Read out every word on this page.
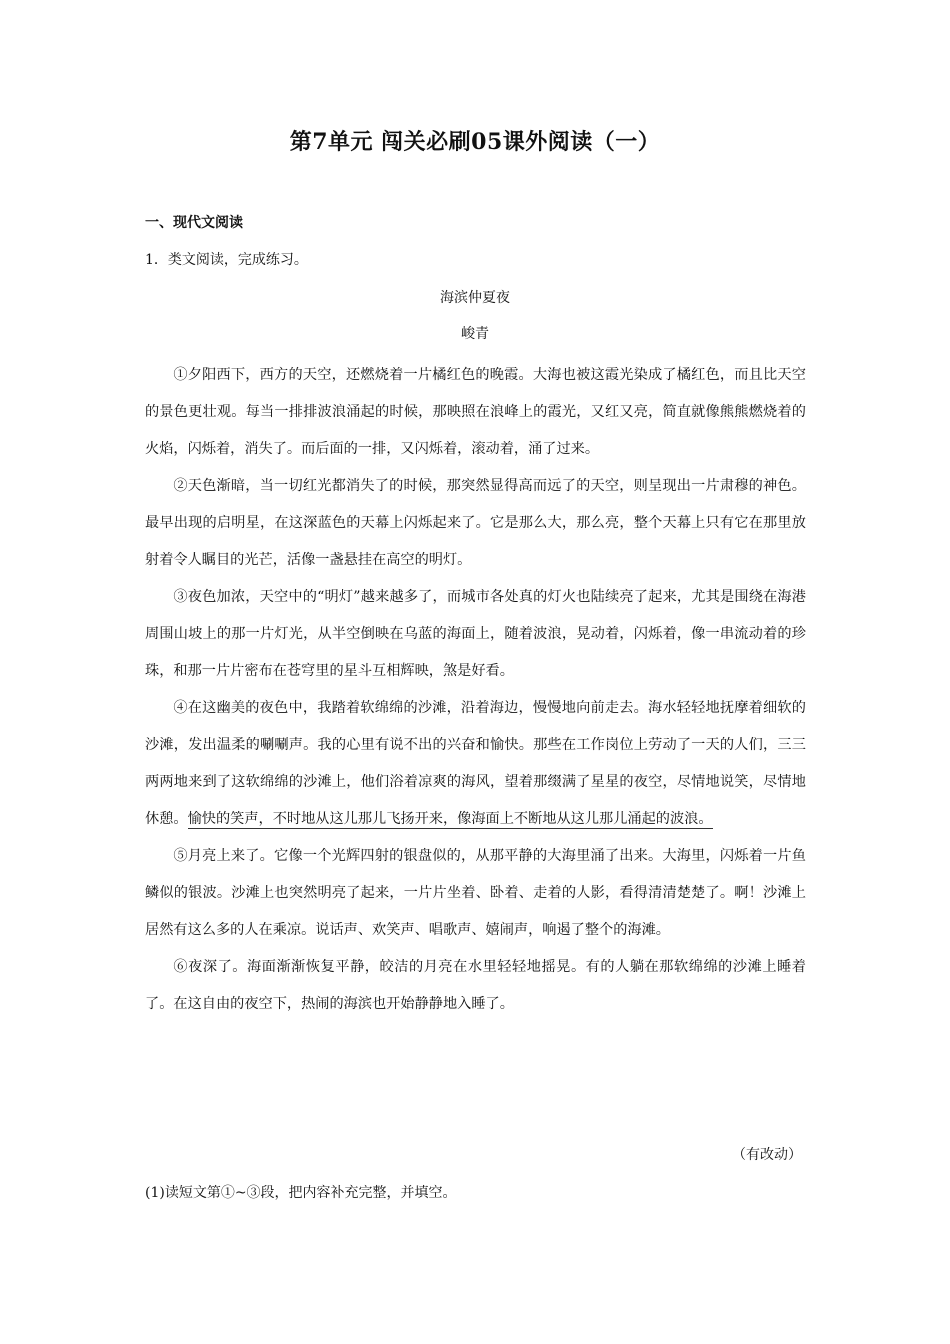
第7单元 闯关必刷05课外阅读（一）
一、现代文阅读
1．类文阅读，完成练习。
海滨仲夏夜
峻青

①夕阳西下，西方的天空，还燃烧着一片橘红色的晚霞。大海也被这霞光染成了橘红色，而且比天空的景色更壮观。每当一排排波浪涌起的时候，那映照在浪峰上的霞光，又红又亮，简直就像熊熊燃烧着的火焰，闪烁着，消失了。而后面的一排，又闪烁着，滚动着，涌了过来。

②天色渐暗，当一切红光都消失了的时候，那突然显得高而远了的天空，则呈现出一片肃穆的神色。最早出现的启明星，在这深蓝色的天幕上闪烁起来了。它是那么大，那么亮，整个天幕上只有它在那里放射着令人瞩目的光芒，活像一盏悬挂在高空的明灯。

③夜色加浓，天空中的“明灯”越来越多了，而城市各处真的灯火也陆续亮了起来，尤其是围绕在海港周围山坡上的那一片灯光，从半空倒映在乌蓝的海面上，随着波浪，晃动着，闪烁着，像一串流动着的珍珠，和那一片片密布在苍穹里的星斗互相辉映，煞是好看。

④在这幽美的夜色中，我踏着软绵绵的沙滩，沿着海边，慢慢地向前走去。海水轻轻地抚摩着细软的沙滩，发出温柔的唰唰声。我的心里有说不出的兴奋和愉快。那些在工作岗位上劳动了一天的人们，三三两两地来到了这软绵绵的沙滩上，他们浴着凉爽的海风，望着那缀满了星星的夜空，尽情地说笑，尽情地休憩。愉快的笑声，不时地从这儿那儿飞扬开来，像海面上不断地从这儿那儿涌起的波浪。

⑤月亮上来了。它像一个光辉四射的银盘似的，从那平静的大海里涌了出来。大海里，闪烁着一片鱼鳞似的银波。沙滩上也突然明亮了起来，一片片坐着、卧着、走着的人影，看得清清楚楚了。啊！沙滩上居然有这么多的人在乘凉。说话声、欢笑声、唱歌声、嬉闹声，响遏了整个的海滩。

⑥夜深了。海面渐渐恢复平静，皎洁的月亮在水里轻轻地摇晃。有的人躺在那软绵绵的沙滩上睡着了。在这自由的夜空下，热闹的海滨也开始静静地入睡了。

（有改动）
(1)读短文第①~③段，把内容补充完整，并填空。
